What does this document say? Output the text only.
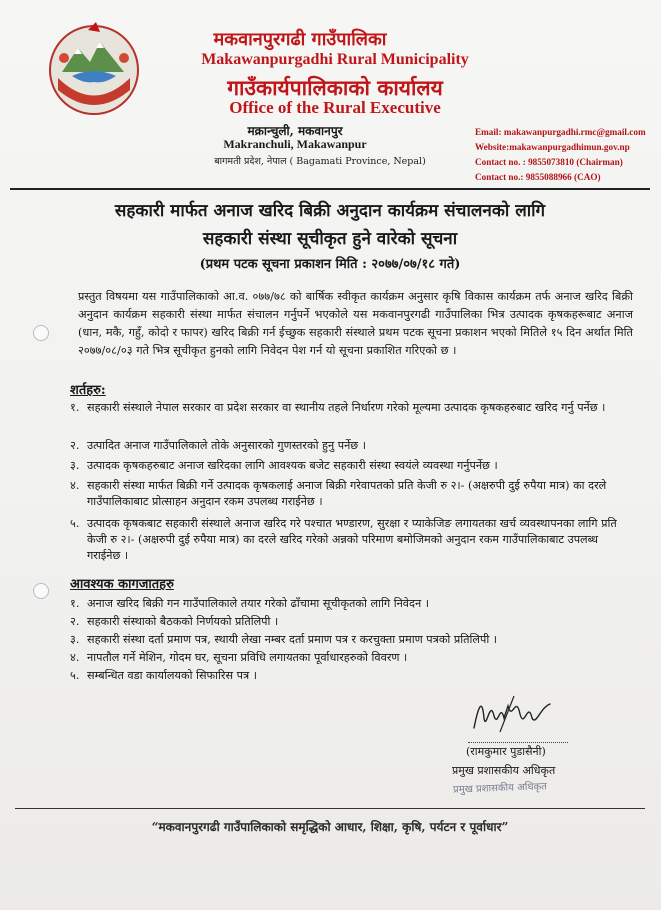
मकवानपुरगढी गाउँपालिका
Makawanpurgadhi Rural Municipality
गाउँकार्यपालिकाको कार्यालय
Office of the Rural Executive
मक्रान्चुली, मकवानपुर
Makranchuli, Makawanpur
बागमती प्रदेश, नेपाल ( Bagamati Province, Nepal)
Email: makawanpurgadhi.rmc@gmail.com
Website:makawanpurgadhimun.gov.np
Contact no. : 9855073810 (Chairman)
Contact no.: 9855088966 (CAO)
सहकारी मार्फत अनाज खरिद बिक्री अनुदान कार्यक्रम संचालनको लागि
सहकारी संस्था सूचीकृत हुने वारेको सूचना
(प्रथम पटक सूचना प्रकाशन मिति : २०७७/०७/१८ गते)
प्रस्तुत विषयमा यस गाउँपालिकाको आ.व. ०७७/७८ को बार्षिक स्वीकृत कार्यक्रम अनुसार कृषि विकास कार्यक्रम तर्फ अनाज खरिद बिक्री अनुदान कार्यक्रम सहकारी संस्था मार्फत संचालन गर्नुपर्ने भएकोले यस मकवानपुरगढी गाउँपालिका भित्र उत्पादक कृषकहरूबाट अनाज (धान, मकै, गहुँ, कोदो र फापर) खरिद बिक्री गर्न ईच्छुक सहकारी संस्थाले प्रथम पटक सूचना प्रकाशन भएको मितिले १५ दिन अर्थात मिति २०७७/०८/०३ गते भित्र सूचीकृत हुनको लागि निवेदन पेश गर्न यो सूचना प्रकाशित गरिएको छ ।
शर्तहरु:
१. सहकारी संस्थाले नेपाल सरकार वा प्रदेश सरकार वा स्थानीय तहले निर्धारण गरेको मूल्यमा उत्पादक कृषकहरुबाट खरिद गर्नु पर्नेछ ।
२. उत्पादित अनाज गाउँपालिकाले तोके अनुसारको गुणस्तरको हुनु पर्नेछ ।
३. उत्पादक कृषकहरुबाट अनाज खरिदका लागि आवश्यक बजेट सहकारी संस्था स्वयंले व्यवस्था गर्नुपर्नेछ ।
४. सहकारी संस्था मार्फत बिक्री गर्ने उत्पादक कृषकलाई अनाज बिक्री गरेवापतको प्रति केजी रु २।- (अक्षरुपी दुई रुपैया मात्र) का दरले गाउँपालिकाबाट प्रोत्साहन अनुदान रकम उपलब्ध गराईनेछ ।
५. उत्पादक कृषकबाट सहकारी संस्थाले अनाज खरिद गरे पश्चात भण्डारण, सुरक्षा र प्याकेजिङ लगायतका खर्च व्यवस्थापनका लागि प्रति केजी रु २।- (अक्षरुपी दुई रुपैया मात्र) का दरले खरिद गरेको अन्नको परिमाण बमोजिमको अनुदान रकम गाउँपालिकाबाट उपलब्ध गराईनेछ ।
आवश्यक कागजातहरु
१. अनाज खरिद बिक्री गन गाउँपालिकाले तयार गरेको ढाँचामा सूचीकृतको लागि निवेदन ।
२. सहकारी संस्थाको बैठकको निर्णयको प्रतिलिपी ।
३. सहकारी संस्था दर्ता प्रमाण पत्र, स्थायी लेखा नम्बर दर्ता प्रमाण पत्र र करचुक्ता प्रमाण पत्रको प्रतिलिपी ।
४. नापतौल गर्ने मेशिन, गोदम घर, सूचना प्रविधि लगायतका पूर्वाधारहरुको विवरण ।
५. सम्बन्धित वडा कार्यालयको सिफारिस पत्र ।
(रामकुमार पुडासैनी)
प्रमुख प्रशासकीय अधिकृत
प्रमुख प्रशासकीय अधिकृत
“मकवानपुरगढी गाउँपालिकाको समृद्धिको आधार, शिक्षा, कृषि, पर्यटन र पूर्वाधार”
